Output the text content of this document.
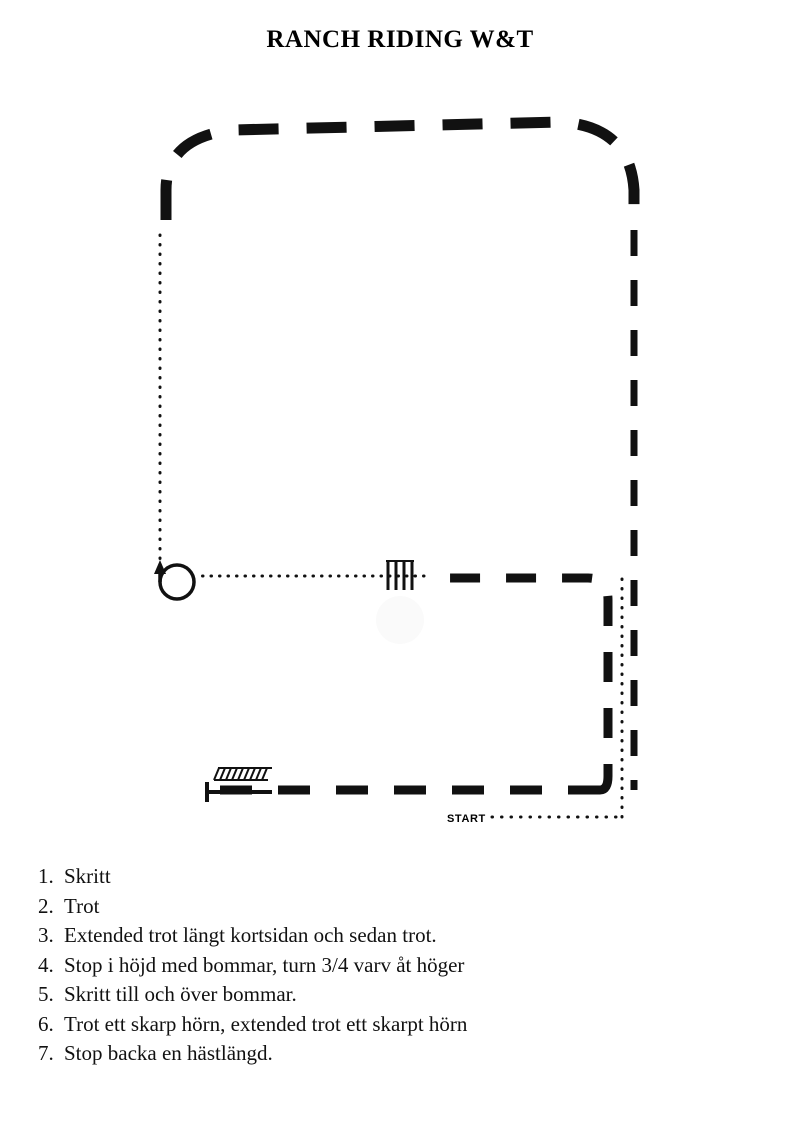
RANCH RIDING W&T
START
1. Skritt
2. Trot
3. Extended trot längt kortsidan och sedan trot.
4. Stop i höjd med bommar, turn 3/4 varv åt höger
5. Skritt till och över bommar.
6. Trot ett skarp hörn, extended trot ett skarpt hörn
7. Stop backa en hästlängd.
